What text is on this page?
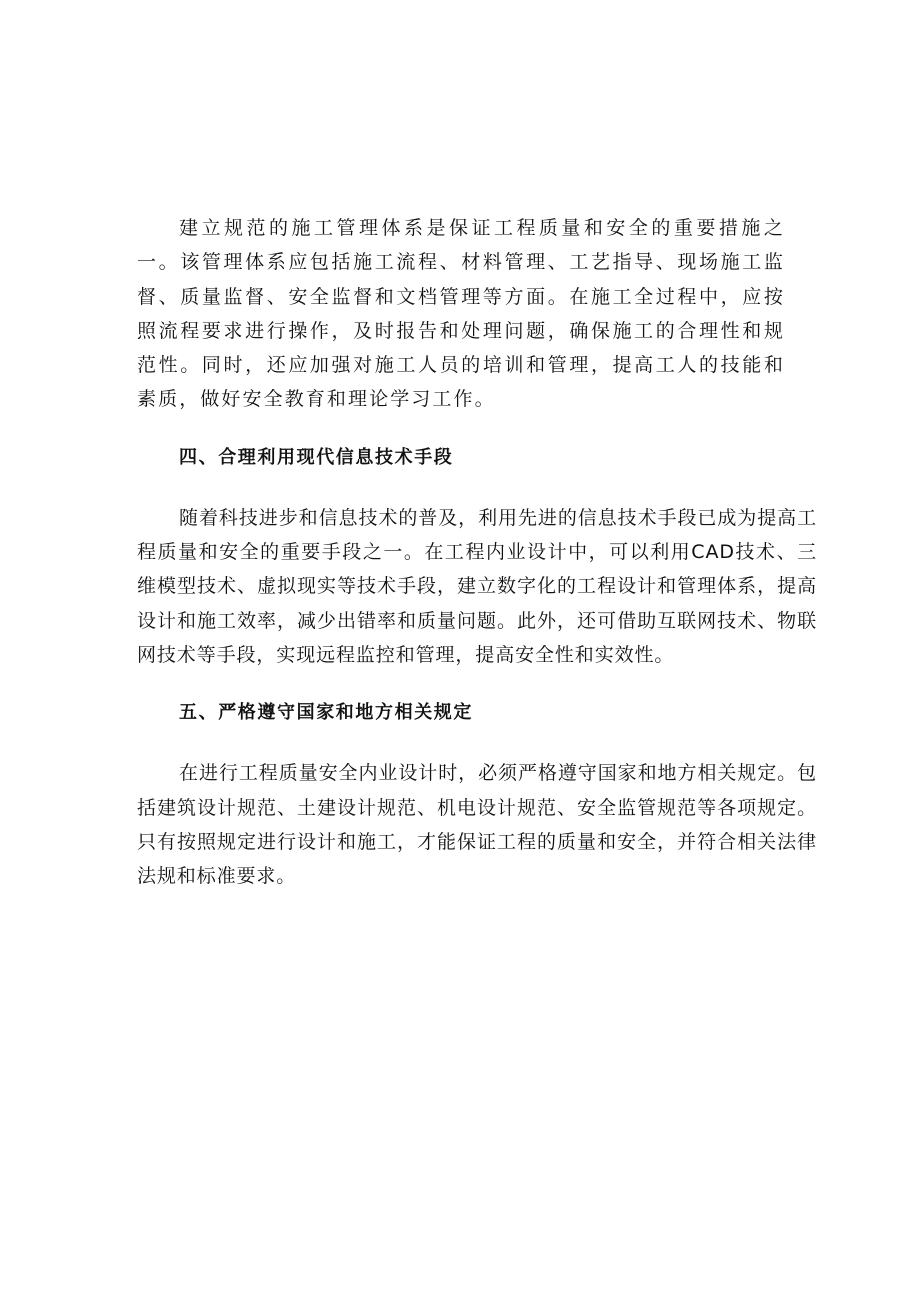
建立规范的施工管理体系是保证工程质量和安全的重要措施之一。该管理体系应包括施工流程、材料管理、工艺指导、现场施工监督、质量监督、安全监督和文档管理等方面。在施工全过程中，应按照流程要求进行操作，及时报告和处理问题，确保施工的合理性和规范性。同时，还应加强对施工人员的培训和管理，提高工人的技能和素质，做好安全教育和理论学习工作。

四、合理利用现代信息技术手段

随着科技进步和信息技术的普及，利用先进的信息技术手段已成为提高工程质量和安全的重要手段之一。在工程内业设计中，可以利用CAD技术、三维模型技术、虚拟现实等技术手段，建立数字化的工程设计和管理体系，提高设计和施工效率，减少出错率和质量问题。此外，还可借助互联网技术、物联网技术等手段，实现远程监控和管理，提高安全性和实效性。

五、严格遵守国家和地方相关规定

在进行工程质量安全内业设计时，必须严格遵守国家和地方相关规定。包括建筑设计规范、土建设计规范、机电设计规范、安全监管规范等各项规定。只有按照规定进行设计和施工，才能保证工程的质量和安全，并符合相关法律法规和标准要求。
